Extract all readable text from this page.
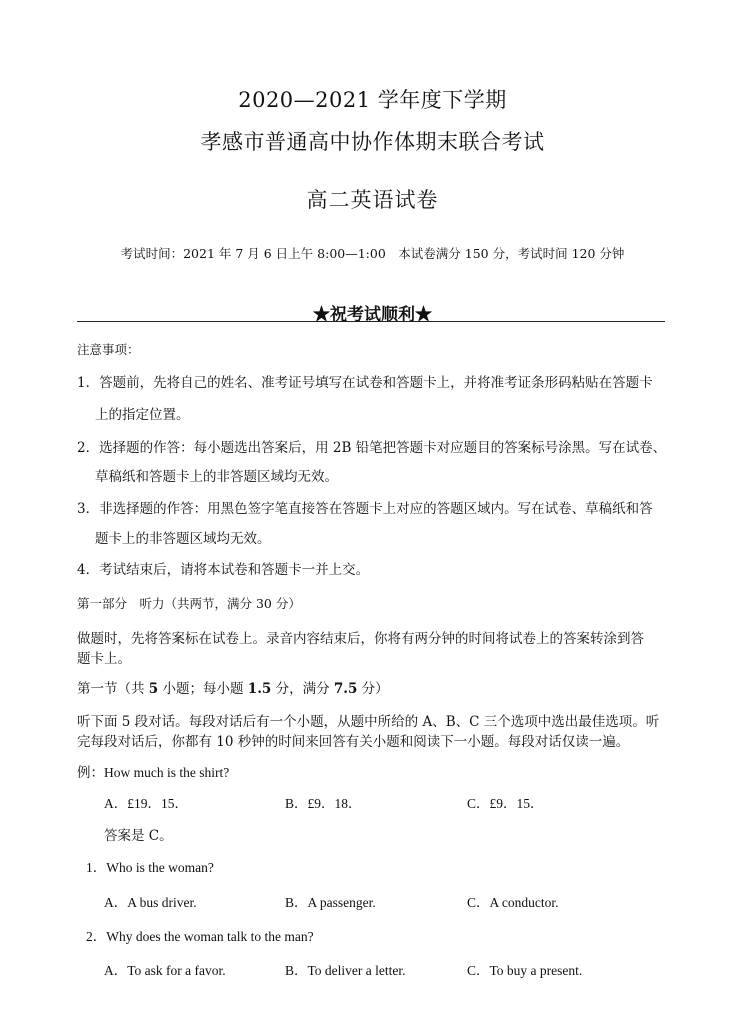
2020—2021 学年度下学期
孝感市普通高中协作体期末联合考试
高二英语试卷
考试时间：2021 年 7 月 6 日上午 8:00—1:00　本试卷满分 150 分，考试时间 120 分钟
★祝考试顺利★
注意事项：
1．答题前，先将自己的姓名、准考证号填写在试卷和答题卡上，并将准考证条形码粘贴在答题卡
上的指定位置。
2．选择题的作答：每小题选出答案后，用 2B 铅笔把答题卡对应题目的答案标号涂黑。写在试卷、
草稿纸和答题卡上的非答题区域均无效。
3．非选择题的作答：用黑色签字笔直接答在答题卡上对应的答题区域内。写在试卷、草稿纸和答
题卡上的非答题区域均无效。
4．考试结束后，请将本试卷和答题卡一并上交。
第一部分　听力（共两节，满分 30 分）
做题时，先将答案标在试卷上。录音内容结束后，你将有两分钟的时间将试卷上的答案转涂到答
题卡上。
第一节（共 5 小题；每小题 1.5 分，满分 7.5 分）
听下面 5 段对话。每段对话后有一个小题，从题中所给的 A、B、C 三个选项中选出最佳选项。听
完每段对话后，你都有 10 秒钟的时间来回答有关小题和阅读下一小题。每段对话仅读一遍。
例：How much is the shirt?
A．£19．15．	B．£9．18．	C．£9．15．
答案是 C。
1．Who is the woman?
A．A bus driver.	B．A passenger.	C．A conductor.
2．Why does the woman talk to the man?
A．To ask for a favor.	B．To deliver a letter.	C．To buy a present.
